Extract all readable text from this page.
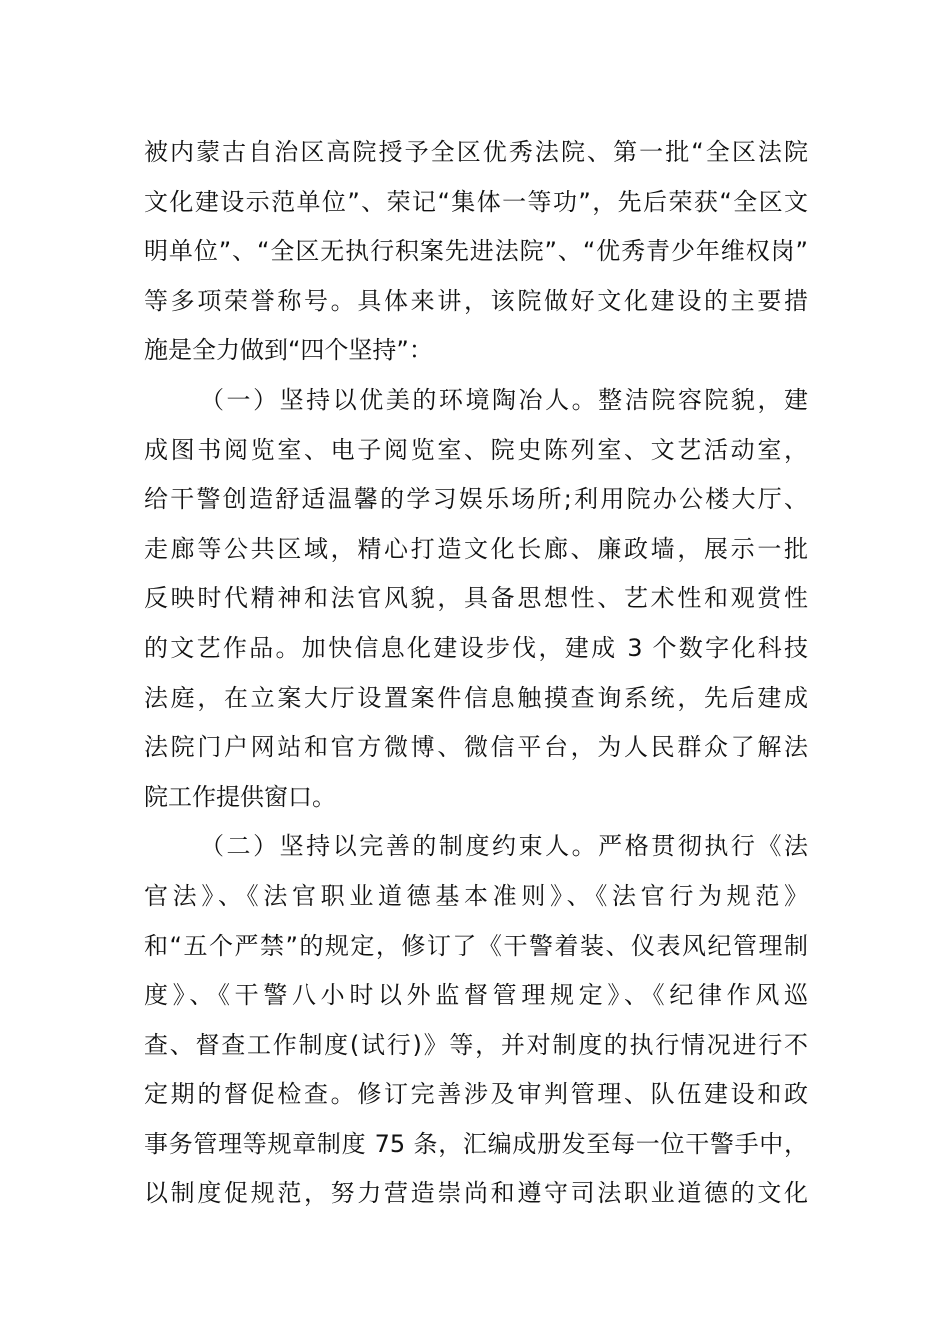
被内蒙古自治区高院授予全区优秀法院、第一批“全区法院
文化建设示范单位”、荣记“集体一等功”，先后荣获“全区文
明单位”、“全区无执行积案先进法院”、“优秀青少年维权岗”
等多项荣誉称号。具体来讲，该院做好文化建设的主要措
施是全力做到“四个坚持”：
（一）坚持以优美的环境陶冶人。整洁院容院貌，建
成图书阅览室、电子阅览室、院史陈列室、文艺活动室，
给干警创造舒适温馨的学习娱乐场所;利用院办公楼大厅、
走廊等公共区域，精心打造文化长廊、廉政墙，展示一批
反映时代精神和法官风貌，具备思想性、艺术性和观赏性
的文艺作品。加快信息化建设步伐，建成 3 个数字化科技
法庭，在立案大厅设置案件信息触摸查询系统，先后建成
法院门户网站和官方微博、微信平台，为人民群众了解法
院工作提供窗口。
（二）坚持以完善的制度约束人。严格贯彻执行《法
官法》、《法官职业道德基本准则》、《法官行为规范》
和“五个严禁”的规定，修订了《干警着装、仪表风纪管理制
度》、《干警八小时以外监督管理规定》、《纪律作风巡
查、督查工作制度(试行)》等，并对制度的执行情况进行不
定期的督促检查。修订完善涉及审判管理、队伍建设和政
事务管理等规章制度 75 条，汇编成册发至每一位干警手中，
以制度促规范，努力营造崇尚和遵守司法职业道德的文化
